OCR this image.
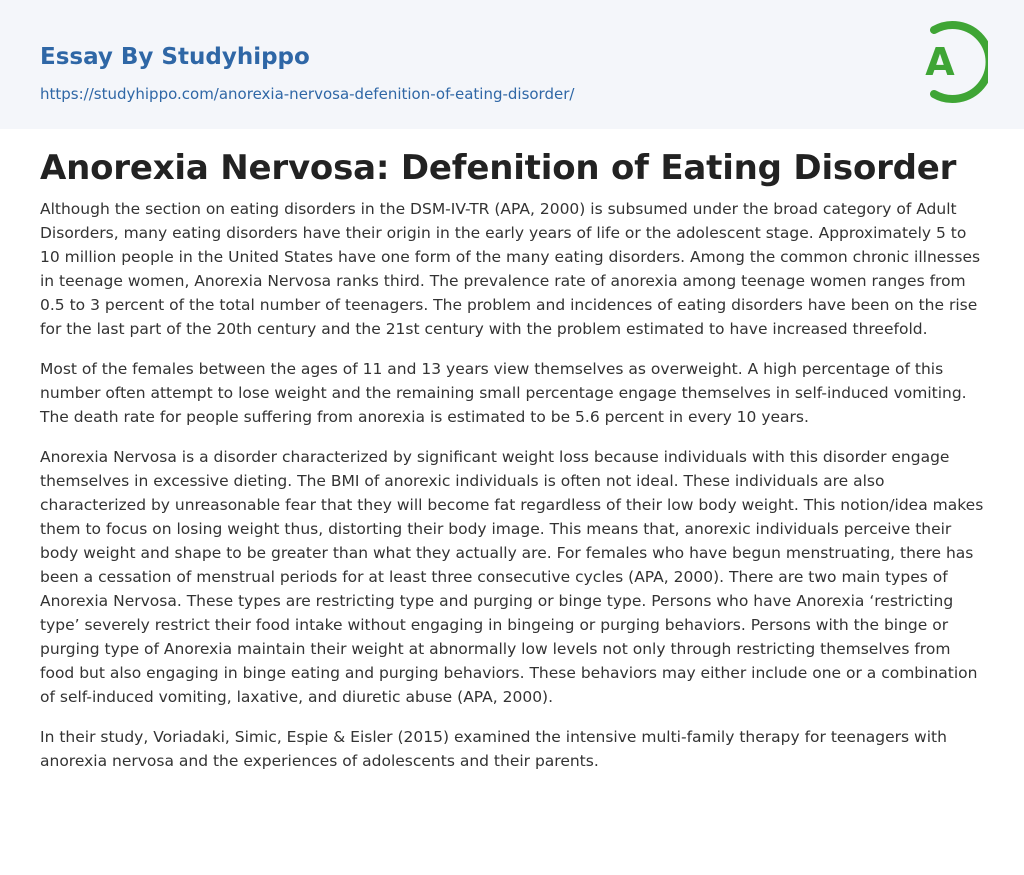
Essay By Studyhippo
https://studyhippo.com/anorexia-nervosa-defenition-of-eating-disorder/
A
Anorexia Nervosa: Defenition of Eating Disorder

Although the section on eating disorders in the DSM-IV-TR (APA, 2000) is subsumed under the broad category of Adult Disorders, many eating disorders have their origin in the early years of life or the adolescent stage. Approximately 5 to 10 million people in the United States have one form of the many eating disorders. Among the common chronic illnesses in teenage women, Anorexia Nervosa ranks third. The prevalence rate of anorexia among teenage women ranges from 0.5 to 3 percent of the total number of teenagers. The problem and incidences of eating disorders have been on the rise for the last part of the 20th century and the 21st century with the problem estimated to have increased threefold.

Most of the females between the ages of 11 and 13 years view themselves as overweight. A high percentage of this number often attempt to lose weight and the remaining small percentage engage themselves in self-induced vomiting. The death rate for people suffering from anorexia is estimated to be 5.6 percent in every 10 years.

Anorexia Nervosa is a disorder characterized by significant weight loss because individuals with this disorder engage themselves in excessive dieting. The BMI of anorexic individuals is often not ideal. These individuals are also characterized by unreasonable fear that they will become fat regardless of their low body weight. This notion/idea makes them to focus on losing weight thus, distorting their body image. This means that, anorexic individuals perceive their body weight and shape to be greater than what they actually are. For females who have begun menstruating, there has been a cessation of menstrual periods for at least three consecutive cycles (APA, 2000). There are two main types of Anorexia Nervosa. These types are restricting type and purging or binge type. Persons who have Anorexia ‘restricting type’ severely restrict their food intake without engaging in bingeing or purging behaviors. Persons with the binge or purging type of Anorexia maintain their weight at abnormally low levels not only through restricting themselves from food but also engaging in binge eating and purging behaviors. These behaviors may either include one or a combination of self-induced vomiting, laxative, and diuretic abuse (APA, 2000).

In their study, Voriadaki, Simic, Espie & Eisler (2015) examined the intensive multi-family therapy for teenagers with anorexia nervosa and the experiences of adolescents and their parents.
